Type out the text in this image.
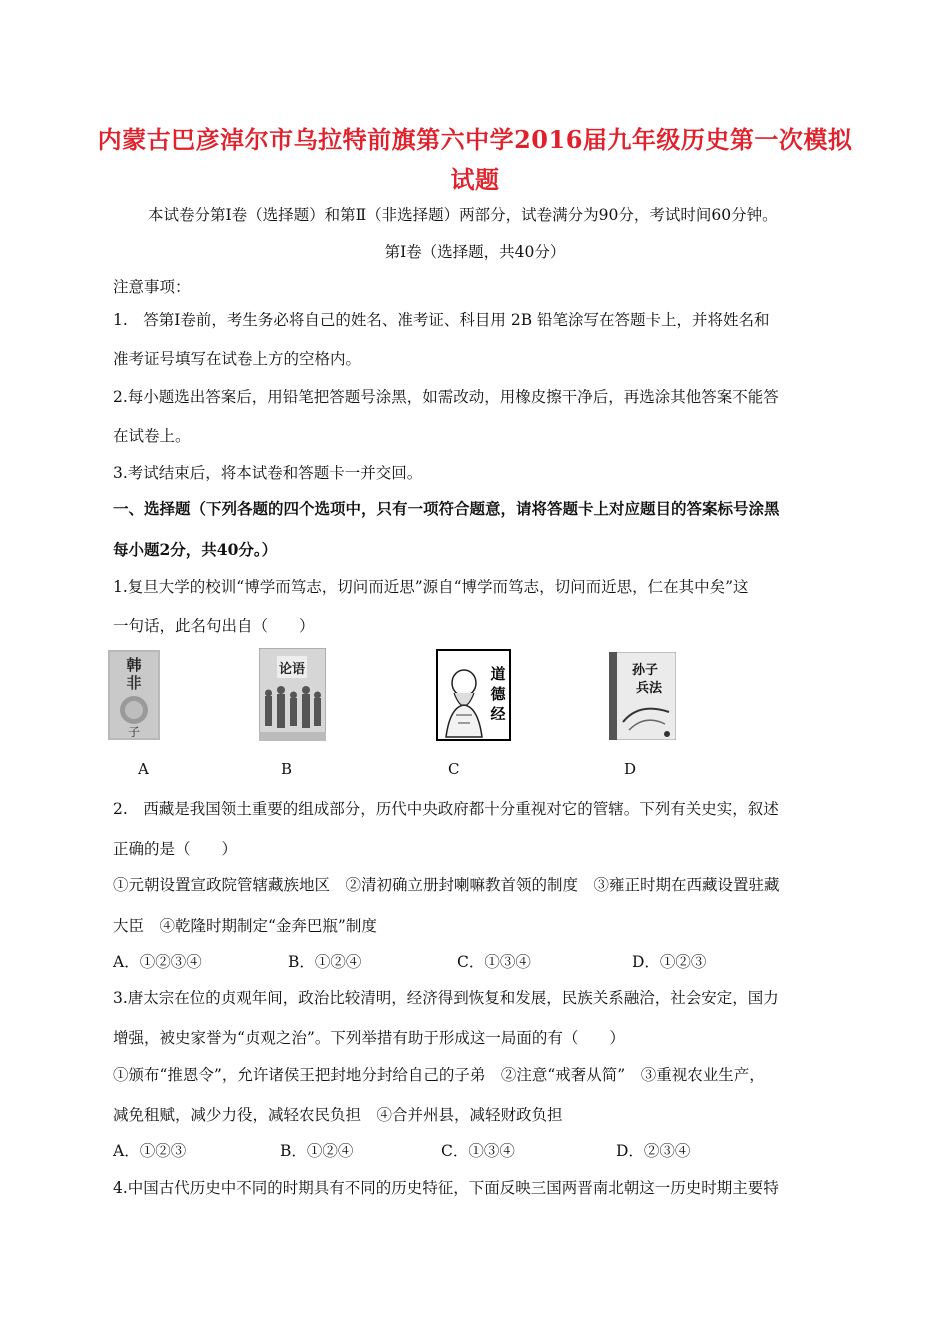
内蒙古巴彦淖尔市乌拉特前旗第六中学2016届九年级历史第一次模拟
试题
本试卷分第Ⅰ卷（选择题）和第Ⅱ（非选择题）两部分，试卷满分为90分，考试时间60分钟。
第Ⅰ卷（选择题，共40分）
注意事项：
1.　答第Ⅰ卷前，考生务必将自己的姓名、准考证、科目用 2B 铅笔涂写在答题卡上，并将姓名和
准考证号填写在试卷上方的空格内。
2.每小题选出答案后，用铅笔把答题号涂黑，如需改动，用橡皮擦干净后，再选涂其他答案不能答
在试卷上。
3.考试结束后，将本试卷和答题卡一并交回。
一、选择题（下列各题的四个选项中，只有一项符合题意，请将答题卡上对应题目的答案标号涂黑
每小题2分，共40分。）
1.复旦大学的校训“博学而笃志，切问而近思”源自“博学而笃志，切问而近思，仁在其中矣”这
一句话，此名句出自（　　）
韩
非
子
论语	道
德
经
孙子
兵法
A	B	C	D
2.　西藏是我国领土重要的组成部分，历代中央政府都十分重视对它的管辖。下列有关史实，叙述
正确的是（　　）
①元朝设置宣政院管辖藏族地区　②清初确立册封喇嘛教首领的制度　③雍正时期在西藏设置驻藏
大臣　④乾隆时期制定“金奔巴瓶”制度
A．①②③④	B．①②④	C．①③④	D．①②③
3.唐太宗在位的贞观年间，政治比较清明，经济得到恢复和发展，民族关系融洽，社会安定，国力
增强，被史家誉为“贞观之治”。下列举措有助于形成这一局面的有（　　）
①颁布“推恩令”，允许诸侯王把封地分封给自己的子弟　②注意“戒奢从简”　③重视农业生产，
减免租赋，减少力役，减轻农民负担　④合并州县，减轻财政负担
A．①②③	B．①②④	C．①③④	D．②③④
4.中国古代历史中不同的时期具有不同的历史特征，下面反映三国两晋南北朝这一历史时期主要特
